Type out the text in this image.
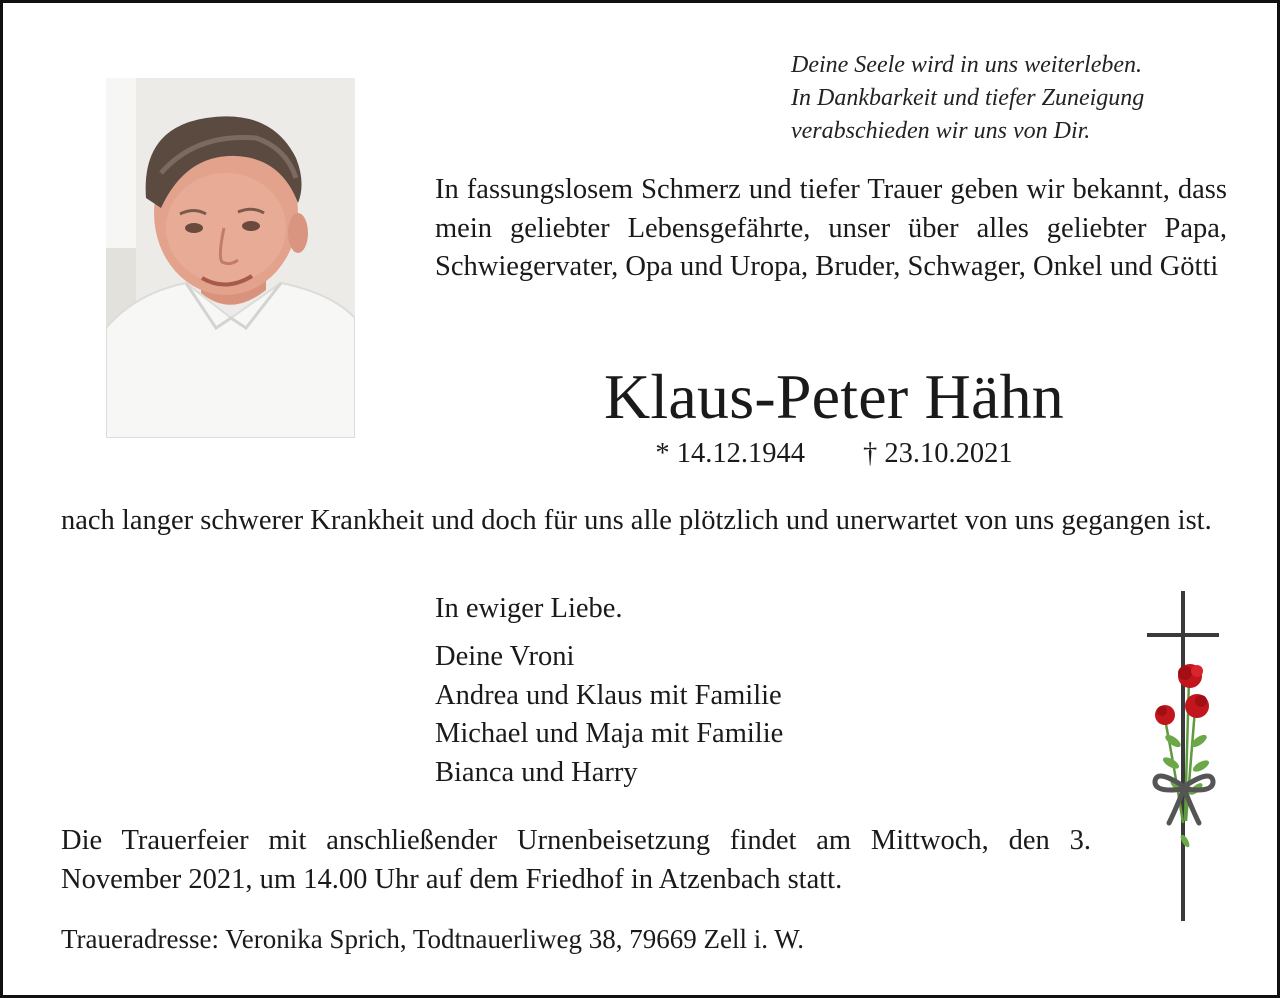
Deine Seele wird in uns weiterleben.
In Dankbarkeit und tiefer Zuneigung
verabschieden wir uns von Dir.
In fassungslosem Schmerz und tiefer Trauer geben wir bekannt, dass mein geliebter Lebensgefährte, unser über alles geliebter Papa, Schwiegervater, Opa und Uropa, Bruder, Schwager, Onkel und Götti
Klaus-Peter Hähn
* 14.12.1944 † 23.10.2021
nach langer schwerer Krankheit und doch für uns alle plötzlich und unerwartet von uns gegangen ist.
In ewiger Liebe.
Deine Vroni
Andrea und Klaus mit Familie
Michael und Maja mit Familie
Bianca und Harry
Die Trauerfeier mit anschließender Urnenbeisetzung findet am Mittwoch, den 3. November 2021, um 14.00 Uhr auf dem Friedhof in Atzenbach statt.
Traueradresse: Veronika Sprich, Todtnauerliweg 38, 79669 Zell i. W.
